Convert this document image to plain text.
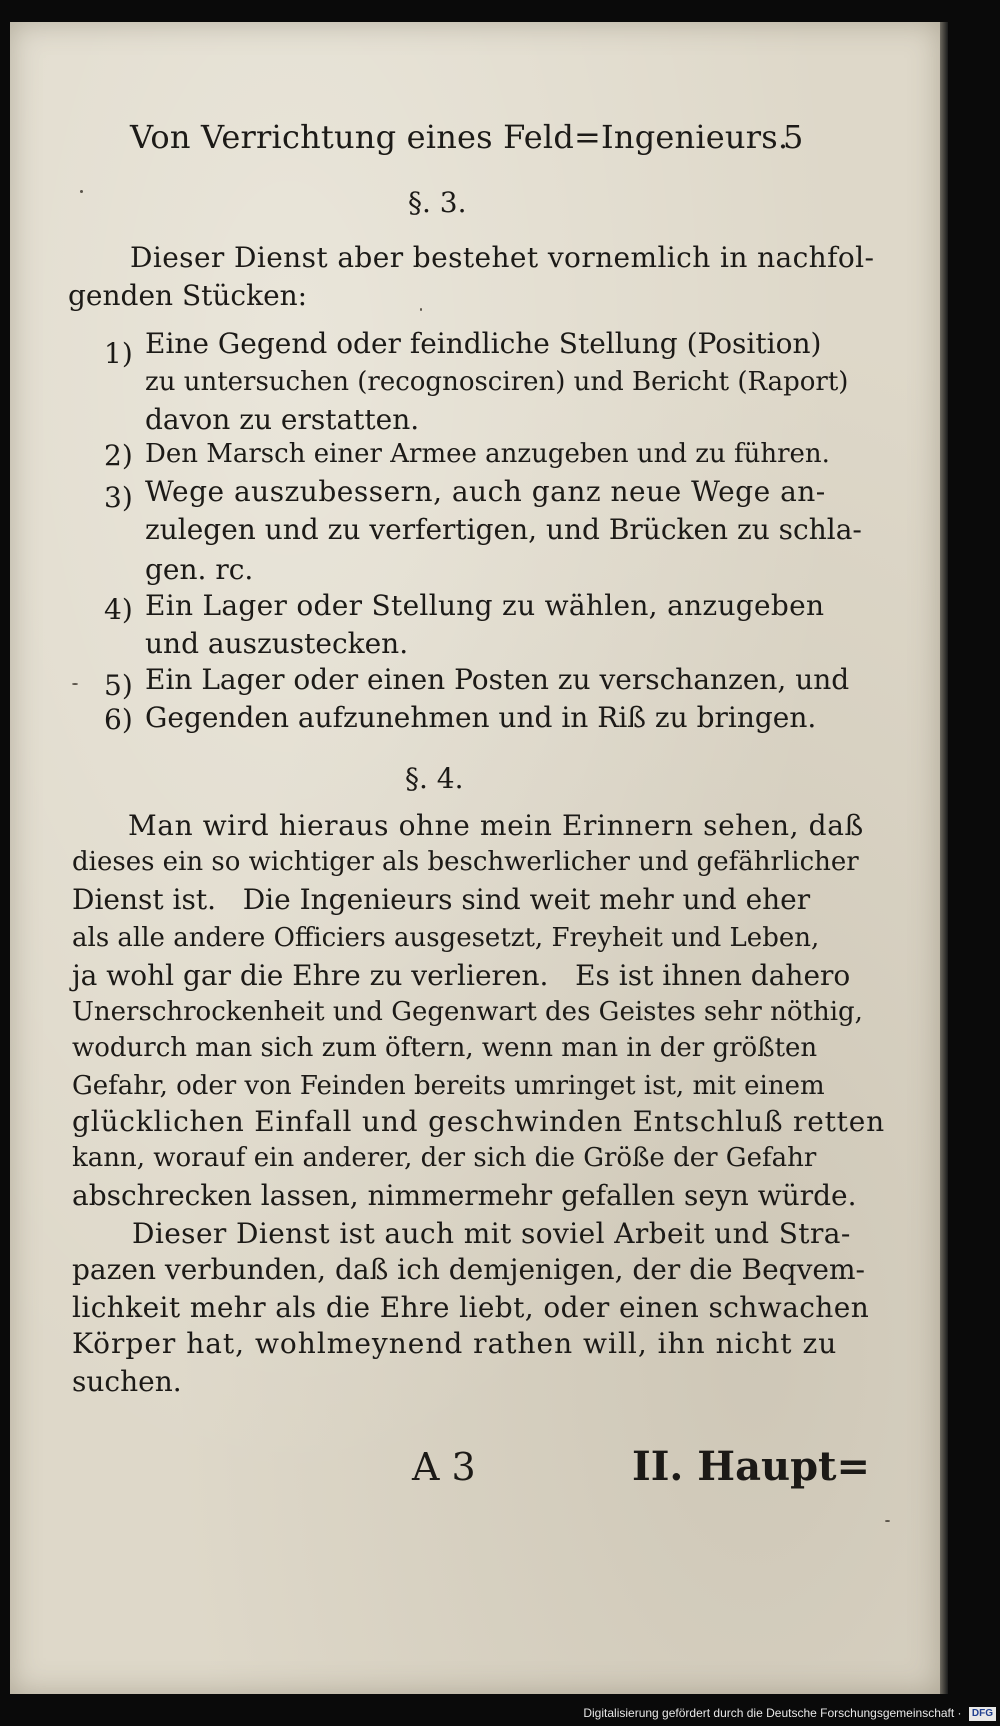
Von Verrichtung eines Feld=Ingenieurs.
5
§. 3.
Dieser Dienst aber bestehet vornemlich in nachfol-
genden Stücken:
1) Eine Gegend oder feindliche Stellung (Position)
zu untersuchen (recognosciren) und Bericht (Raport)
davon zu erstatten.
2) Den Marsch einer Armee anzugeben und zu führen.
3) Wege auszubessern, auch ganz neue Wege an-
zulegen und zu verfertigen, und Brücken zu schla-
gen. rc.
4) Ein Lager oder Stellung zu wählen, anzugeben
und auszustecken.
5) Ein Lager oder einen Posten zu verschanzen, und
6) Gegenden aufzunehmen und in Riß zu bringen.
§. 4.
Man wird hieraus ohne mein Erinnern sehen, daß
dieses ein so wichtiger als beschwerlicher und gefährlicher
Dienst ist.   Die Ingenieurs sind weit mehr und eher
als alle andere Officiers ausgesetzt, Freyheit und Leben,
ja wohl gar die Ehre zu verlieren.   Es ist ihnen dahero
Unerschrockenheit und Gegenwart des Geistes sehr nöthig,
wodurch man sich zum öftern, wenn man in der größten
Gefahr, oder von Feinden bereits umringet ist, mit einem
glücklichen Einfall und geschwinden Entschluß retten
kann, worauf ein anderer, der sich die Größe der Gefahr
abschrecken lassen, nimmermehr gefallen seyn würde.
Dieser Dienst ist auch mit soviel Arbeit und Stra-
pazen verbunden, daß ich demjenigen, der die Beqvem-
lichkeit mehr als die Ehre liebt, oder einen schwachen
Körper hat, wohlmeynend rathen will, ihn nicht zu
suchen.
A 3	II. Haupt=
Digitalisierung gefördert durch die Deutsche Forschungsgemeinschaft · DFG
